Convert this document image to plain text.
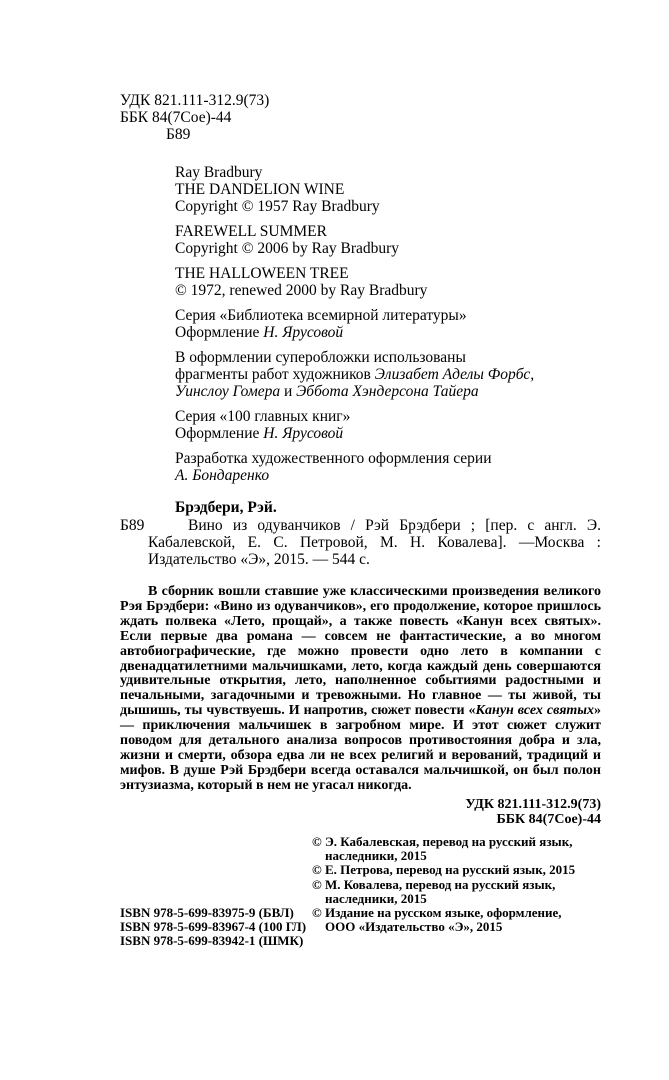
УДК 821.111-312.9(73)
ББК 84(7Сое)-44
Б89
Ray Bradbury
THE DANDELION WINE
Copyright © 1957 Ray Bradbury
FAREWELL SUMMER
Copyright © 2006 by Ray Bradbury
THE HALLOWEEN TREE
© 1972, renewed 2000 by Ray Bradbury
Серия «Библиотека всемирной литературы»
Оформление Н. Ярусовой
В оформлении суперобложки использованы
фрагменты работ художников Элизабет Аделы Форбс,
Уинслоу Гомера и Эббота Хэндерсона Тайера
Серия «100 главных книг»
Оформление Н. Ярусовой
Разработка художественного оформления серии
А. Бондаренко
Брэдбери, Рэй.
Б89	Вино из одуванчиков / Рэй Брэдбери ; [пер. с англ. Э. Кабалевской, Е. С. Петровой, М. Н. Ковалева]. —Москва : Издательство «Э», 2015. — 544 с.
В сборник вошли ставшие уже классическими произведения великого Рэя Брэдбери: «Вино из одуванчиков», его продолжение, которое пришлось ждать полвека «Лето, прощай», а также повесть «Канун всех святых». Если первые два романа — совсем не фантастические, а во многом автобиографические, где можно провести одно лето в компании с двенадцатилетними мальчишками, лето, когда каждый день совершаются удивительные открытия, лето, наполненное событиями радостными и печальными, загадочными и тревожными. Но главное — ты живой, ты дышишь, ты чувствуешь. И напротив, сюжет повести «Канун всех святых» — приключения мальчишек в загробном мире. И этот сюжет служит поводом для детального анализа вопросов противостояния добра и зла, жизни и смерти, обзора едва ли не всех религий и верований, традиций и мифов. В душе Рэй Брэдбери всегда оставался мальчишкой, он был полон энтузиазма, который в нем не угасал никогда.
УДК 821.111-312.9(73)
ББК 84(7Сое)-44
ISBN 978-5-699-83975-9 (БВЛ)
ISBN 978-5-699-83967-4 (100 ГЛ)
ISBN 978-5-699-83942-1 (ШМК)
© Э. Кабалевская, перевод на русский язык,
наследники, 2015
© Е. Петрова, перевод на русский язык, 2015
© М. Ковалева, перевод на русский язык,
наследники, 2015
© Издание на русском языке, оформление,
ООО «Издательство «Э», 2015
